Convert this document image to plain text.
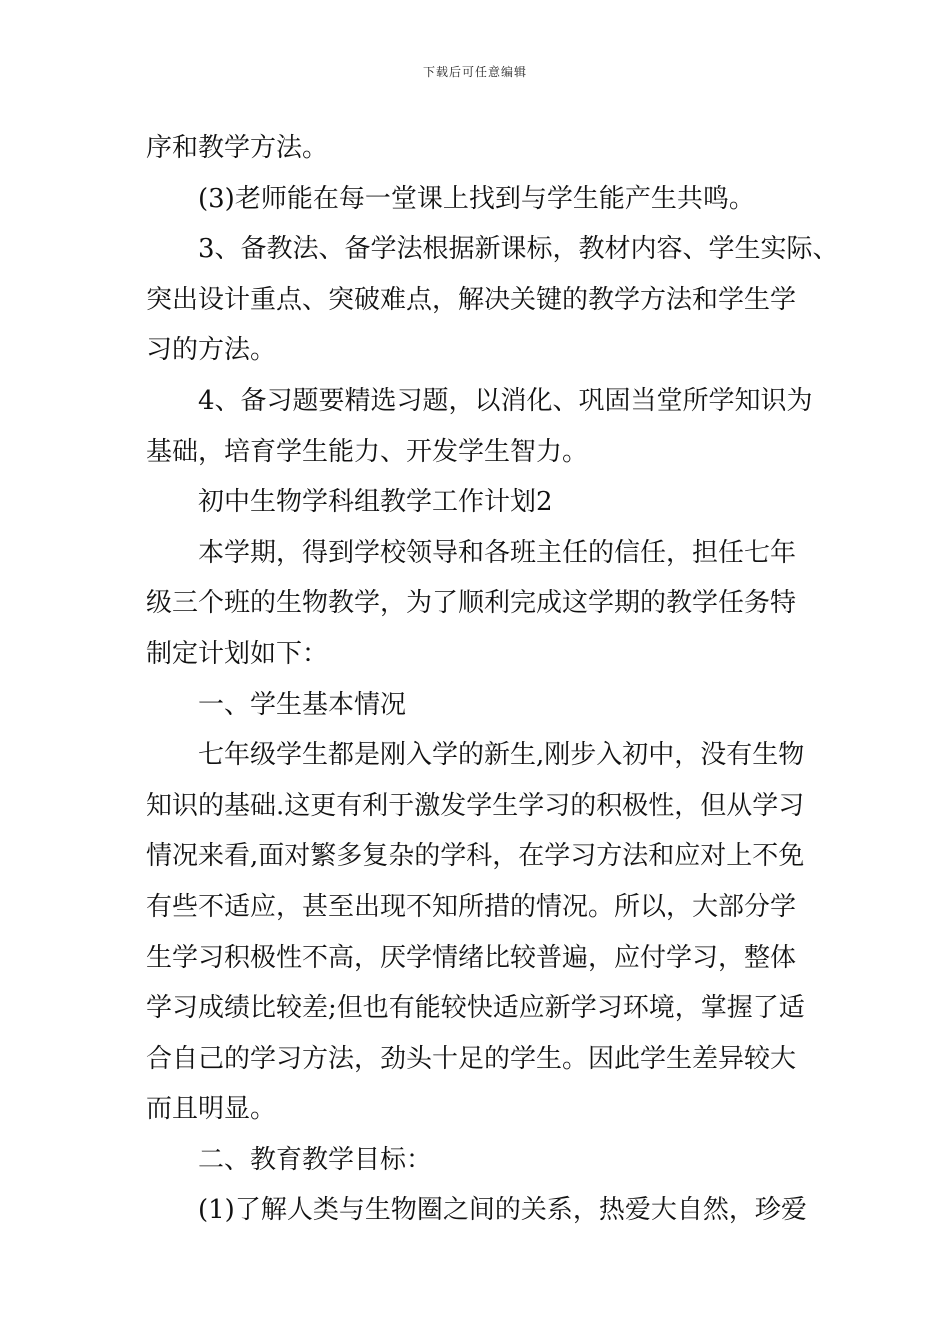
下载后可任意编辑
序和教学方法。
(3)老师能在每一堂课上找到与学生能产生共鸣。
3、备教法、备学法根据新课标，教材内容、学生实际、
突出设计重点、突破难点，解决关键的教学方法和学生学
习的方法。
4、备习题要精选习题，以消化、巩固当堂所学知识为
基础，培育学生能力、开发学生智力。
初中生物学科组教学工作计划2
本学期，得到学校领导和各班主任的信任，担任七年
级三个班的生物教学，为了顺利完成这学期的教学任务特
制定计划如下：
一、学生基本情况
七年级学生都是刚入学的新生,刚步入初中，没有生物
知识的基础.这更有利于激发学生学习的积极性，但从学习
情况来看,面对繁多复杂的学科，在学习方法和应对上不免
有些不适应，甚至出现不知所措的情况。所以，大部分学
生学习积极性不高，厌学情绪比较普遍，应付学习，整体
学习成绩比较差;但也有能较快适应新学习环境，掌握了适
合自己的学习方法，劲头十足的学生。因此学生差异较大
而且明显。
二、教育教学目标：
(1)了解人类与生物圈之间的关系，热爱大自然，珍爱
